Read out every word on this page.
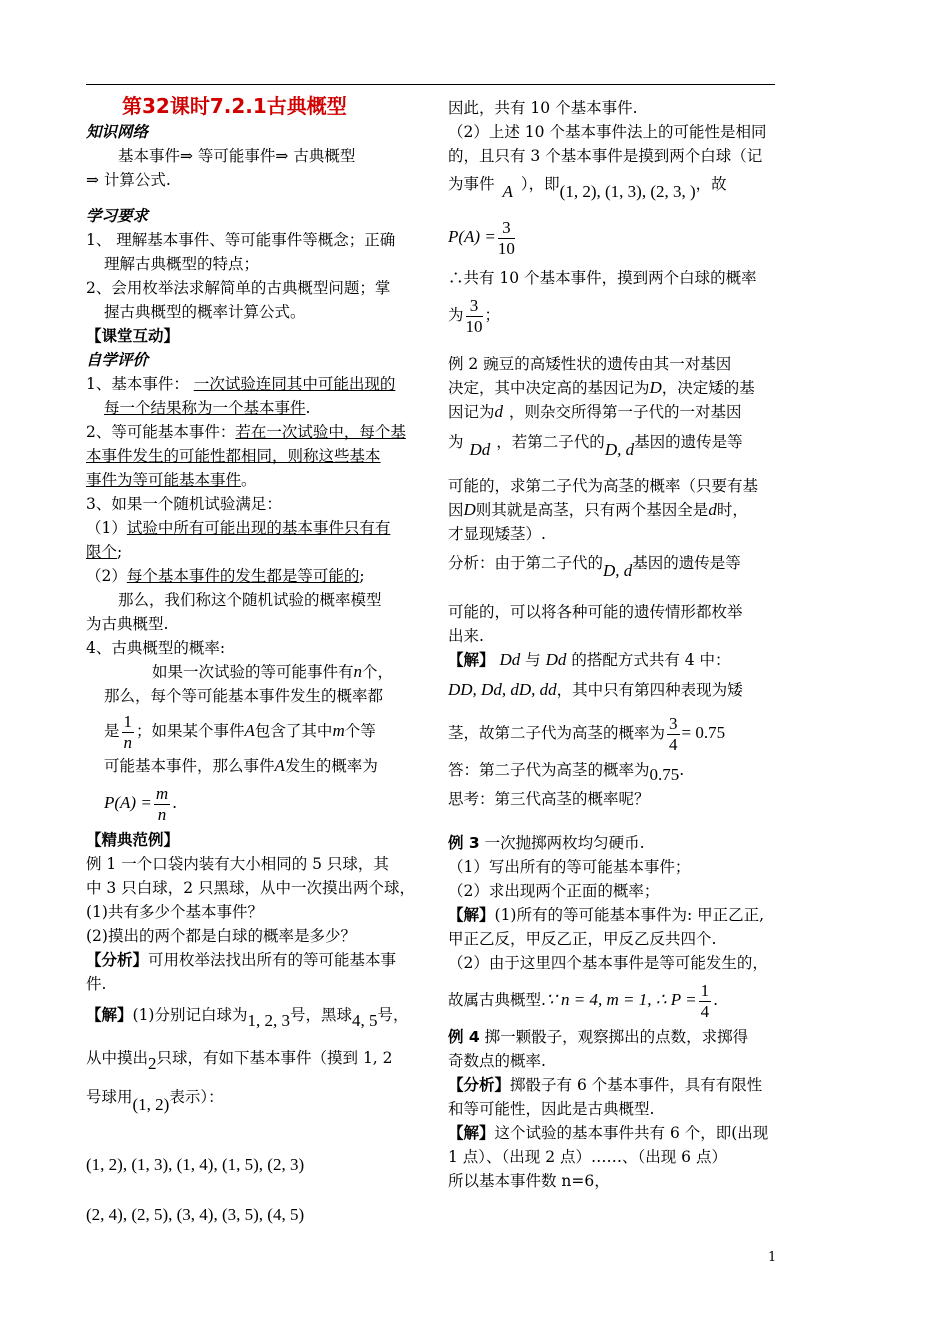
第32课时7.2.1古典概型
知识网络
基本事件⇒ 等可能事件⇒ 古典概型
⇒ 计算公式.
学习要求
1、 理解基本事件、等可能事件等概念；正确
理解古典概型的特点；
2、会用枚举法求解简单的古典概型问题；掌
握古典概型的概率计算公式。
【课堂互动】
自学评价
1、基本事件： 一次试验连同其中可能出现的
每一个结果称为一个基本事件.
2、等可能基本事件：若在一次试验中，每个基
本事件发生的可能性都相同，则称这些基本
事件为等可能基本事件。
3、如果一个随机试验满足：
（1）试验中所有可能出现的基本事件只有有
限个;
（2）每个基本事件的发生都是等可能的;
那么，我们称这个随机试验的概率模型
为古典概型.
4、古典概型的概率:
如果一次试验的等可能事件有n个，
那么，每个等可能基本事件发生的概率都
是 $\frac{1}{n}$ ；如果某个事件A包含了其中m个等
可能基本事件，那么事件A发生的概率为
$P(A) = \frac{m}{n}$ .
【精典范例】
例 1 一个口袋内装有大小相同的 5 只球，其
中 3 只白球，2 只黑球，从中一次摸出两个球，
(1)共有多少个基本事件？
(2)摸出的两个都是白球的概率是多少？
【分析】可用枚举法找出所有的等可能基本事
件.
【解】(1)分别记白球为1, 2, 3号，黑球4, 5号，
从中摸出2只球，有如下基本事件（摸到 1, 2
号球用(1, 2)表示）：
(1, 2), (1, 3), (1, 4), (1, 5), (2, 3)
(2, 4), (2, 5), (3, 4), (3, 5), (4, 5)
因此，共有 10 个基本事件.
（2）上述 10 个基本事件法上的可能性是相同
的，且只有 3 个基本事件是摸到两个白球（记
为事件 A ），即(1, 2), (1, 3), (2, 3, )，故
$P(A) = \frac{3}{10}$
∴共有 10 个基本事件，摸到两个白球的概率
为 $\frac{3}{10}$ ；
例 2 豌豆的高矮性状的遗传由其一对基因
决定，其中决定高的基因记为D，决定矮的基
因记为d ，则杂交所得第一子代的一对基因
为 Dd ，若第二子代的D, d基因的遗传是等
可能的，求第二子代为高茎的概率（只要有基
因D则其就是高茎，只有两个基因全是d时，
才显现矮茎）.
分析：由于第二子代的D, d基因的遗传是等
可能的，可以将各种可能的遗传情形都枚举
出来.
【解】 Dd 与 Dd 的搭配方式共有 4 中：
DD, Dd, dD, dd，其中只有第四种表现为矮
茎，故第二子代为高茎的概率为 $\frac{3}{4} = 0.75$
答：第二子代为高茎的概率为0.75.
思考：第三代高茎的概率呢？
例 3 一次抛掷两枚均匀硬币.
（1）写出所有的等可能基本事件；
（2）求出现两个正面的概率；
【解】(1)所有的等可能基本事件为: 甲正乙正,
甲正乙反，甲反乙正，甲反乙反共四个.
（2）由于这里四个基本事件是等可能发生的，
故属古典概型.∵ n = 4, m = 1, ∴ $P = \frac{1}{4}$ .
例 4 掷一颗骰子，观察掷出的点数，求掷得
奇数点的概率.
【分析】掷骰子有 6 个基本事件，具有有限性
和等可能性，因此是古典概型.
【解】这个试验的基本事件共有 6 个，即(出现
1 点）、（出现 2 点）……、（出现 6 点）
所以基本事件数 n=6，
1
